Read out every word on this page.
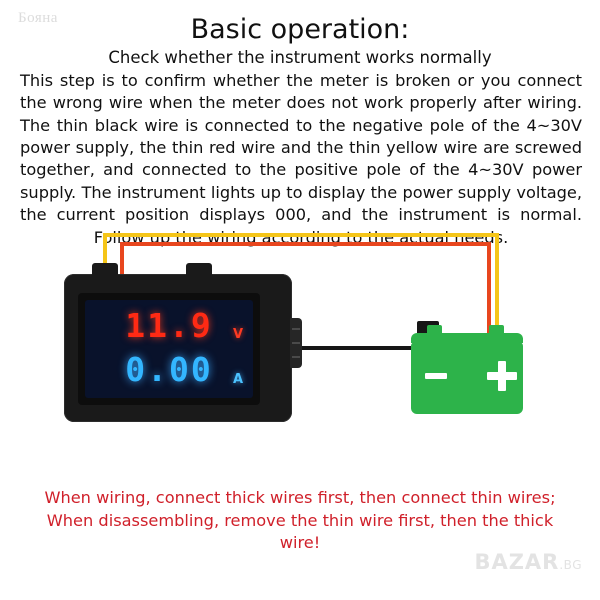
Бояна	Basic operation:
Check whether the instrument works normally
This step is to confirm whether the meter is broken or you connect the wrong wire when the meter does not work properly after wiring. The thin black wire is connected to the negative pole of the 4~30V power supply, the thin red wire and the thin yellow wire are screwed together, and connected to the positive pole of the 4~30V power supply. The instrument lights up to display the power supply voltage, the current position displays 000, and the instrument is normal. Follow up the wiring according to the actual needs.
11.9	V
0.00	A
When wiring, connect thick wires first, then connect thin wires; When disassembling, remove the thin wire first, then the thick wire!
BAZAR.BG
